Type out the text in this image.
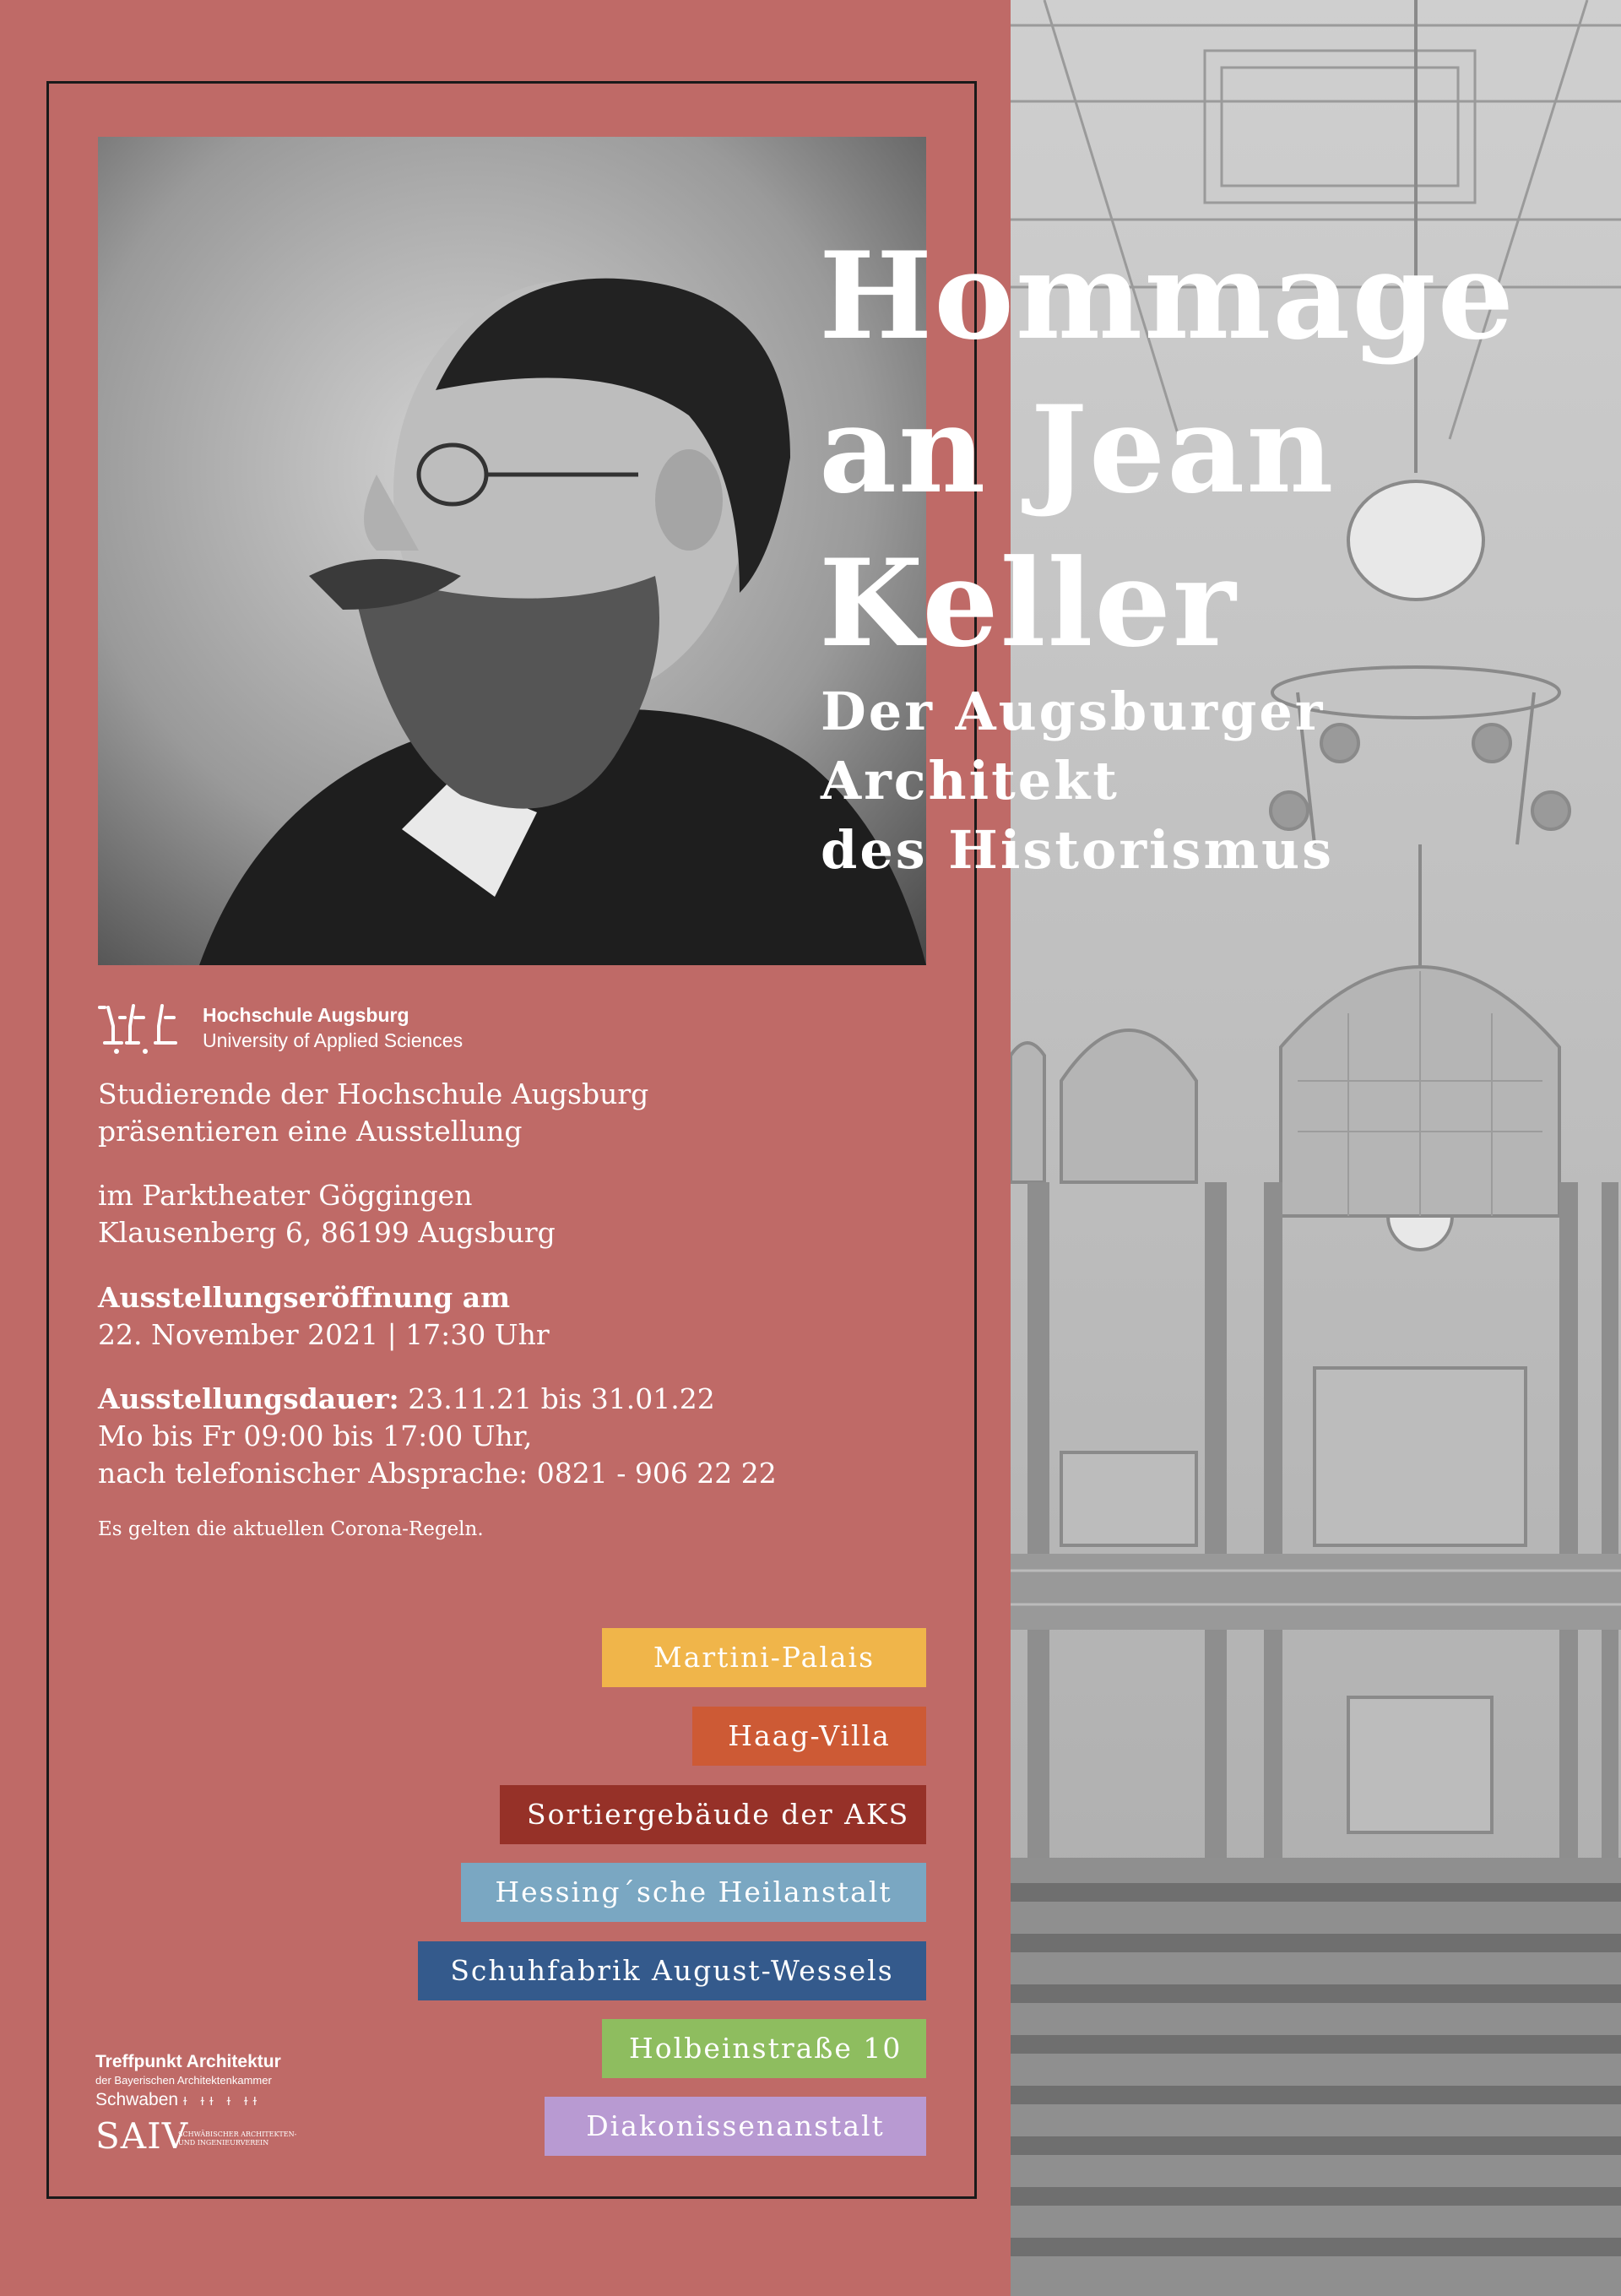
Hommage
an Jean
Keller
Der Augsburger
Architekt
des Historismus
Hochschule Augsburg
University of Applied Sciences
Studierende der Hochschule Augsburg
präsentieren eine Ausstellung
im Parktheater Göggingen
Klausenberg 6, 86199 Augsburg
Ausstellungseröffnung am
22. November 2021 | 17:30 Uhr
Ausstellungsdauer: 23.11.21 bis 31.01.22
Mo bis Fr 09:00 bis 17:00 Uhr,
nach telefonischer Absprache: 0821 - 906 22 22
Es gelten die aktuellen Corona-Regeln.
Martini-Palais
Haag-Villa
Sortiergebäude der AKS
Hessing´sche Heilanstalt
Schuhfabrik August-Wessels
Holbeinstraße 10
Diakonissenanstalt
Treffpunkt Architektur
der Bayerischen Architektenkammer
Schwaben ɫ ɫɫ ɫ ɫɫ
SAIV
SCHWÄBISCHER ARCHITEKTEN- UND INGENIEURVEREIN
